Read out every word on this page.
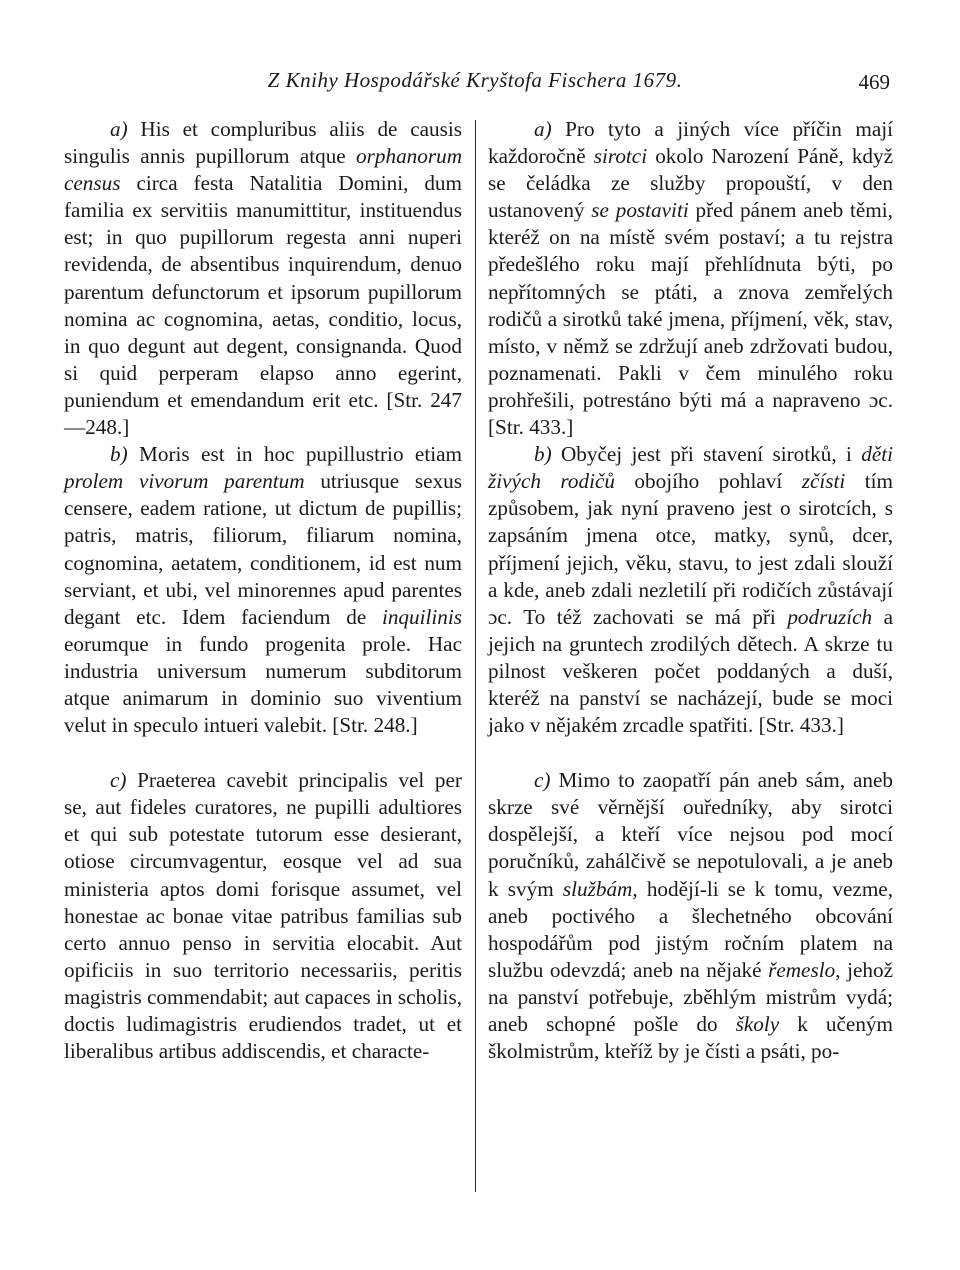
Z Knihy Hospodářské Kryštofa Fischera 1679.	469

a) His et compluribus aliis de causis singulis annis pupillorum atque orphanorum census circa festa Natalitia Domini, dum familia ex servitiis manumittitur, instituendus est; in quo pupillorum regesta anni nuperi revidenda, de absentibus inquirendum, denuo parentum defunctorum et ipsorum pupillorum nomina ac cognomina, aetas, conditio, locus, in quo degunt aut degent, consignanda. Quod si quid perperam elapso anno egerint, puniendum et emendandum erit etc. [Str. 247—248.]

b) Moris est in hoc pupillustrio etiam prolem vivorum parentum utriusque sexus censere, eadem ratione, ut dictum de pupillis; patris, matris, filiorum, filiarum nomina, cognomina, aetatem, conditionem, id est num serviant, et ubi, vel minorennes apud parentes degant etc. Idem faciendum de inquilinis eorumque in fundo progenita prole. Hac industria universum numerum subditorum atque animarum in dominio suo viventium velut in speculo intueri valebit. [Str. 248.]

c) Praeterea cavebit principalis vel per se, aut fideles curatores, ne pupilli adultiores et qui sub potestate tutorum esse desierant, otiose circumvagentur, eosque vel ad sua ministeria aptos domi forisque assumet, vel honestae ac bonae vitae patribus familias sub certo annuo penso in servitia elocabit. Aut opificiis in suo territorio necessariis, peritis magistris commendabit; aut capaces in scholis, doctis ludimagistris erudiendos tradet, ut et liberalibus artibus addiscendis, et characte-

a) Pro tyto a jiných více příčin mají každoročně sirotci okolo Narození Páně, když se čeládka ze služby propouští, v den ustanovený se postaviti před pánem aneb těmi, kteréž on na místě svém postaví; a tu rejstra předešlého roku mají přehlídnuta býti, po nepřítomných se ptáti, a znova zemřelých rodičů a sirotků také jmena, příjmení, věk, stav, místo, v němž se zdržují aneb zdržovati budou, poznamenati. Pakli v čem minulého roku prohřešili, potrestáno býti má a napraveno ɔc. [Str. 433.]

b) Obyčej jest při stavení sirotků, i děti živých rodičů obojího pohlaví zčísti tím způsobem, jak nyní praveno jest o sirotcích, s zapsáním jmena otce, matky, synů, dcer, příjmení jejich, věku, stavu, to jest zdali slouží a kde, aneb zdali nezletilí při rodičích zůstávají ɔc. To též zachovati se má při podruzích a jejich na gruntech zrodilých dětech. A skrze tu pilnost veškeren počet poddaných a duší, kteréž na panství se nacházejí, bude se moci jako v nějakém zrcadle spatřiti. [Str. 433.]

c) Mimo to zaopatří pán aneb sám, aneb skrze své věrnější ouředníky, aby sirotci dospělejší, a kteří více nejsou pod mocí poručníků, zahálčivě se nepotulovali, a je aneb k svým službám, hodějí-li se k tomu, vezme, aneb poctivého a šlechetného obcování hospodářům pod jistým ročním platem na službu odevzdá; aneb na nějaké řemeslo, jehož na panství potřebuje, zběhlým mistrům vydá; aneb schopné pošle do školy k učeným školmistrům, kteříž by je čísti a psáti, po-
